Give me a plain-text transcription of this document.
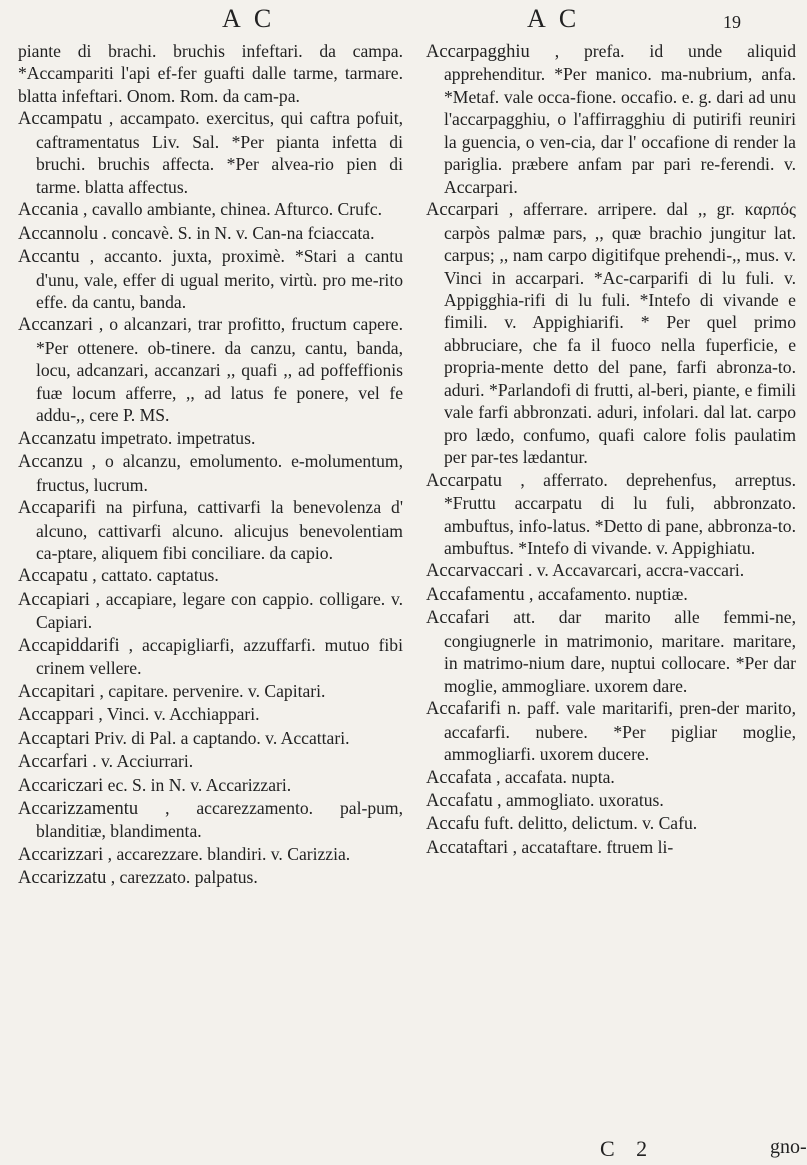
A C	A C	19

piante di brachi. bruchis infeftari. da campa. *Accampariti l'api ef-fer guafti dalle tarme, tarmare. blatta infeftari. Onom. Rom. da cam-pa.

Accampatu , accampato. exercitus, qui caftra pofuit, caftramentatus Liv. Sal. *Per pianta infetta di bruchi. bruchis affecta. *Per alvea-rio pien di tarme. blatta affectus.

Accania , cavallo ambiante, chinea. Afturco. Crufc.

Accannolu . concavè. S. in N. v. Can-na fciaccata.

Accantu , accanto. juxta, proximè. *Stari a cantu d'unu, vale, effer di ugual merito, virtù. pro me-rito effe. da cantu, banda.

Accanzari , o alcanzari, trar profitto, fructum capere. *Per ottenere. ob-tinere. da canzu, cantu, banda, locu, adcanzari, accanzari ,, quafi ,, ad poffeffionis fuæ locum afferre, ,, ad latus fe ponere, vel fe addu-,, cere P. MS.

Accanzatu impetrato. impetratus.

Accanzu , o alcanzu, emolumento. e-molumentum, fructus, lucrum.

Accaparifi na pirfuna, cattivarfi la benevolenza d' alcuno, cattivarfi alcuno. alicujus benevolentiam ca-ptare, aliquem fibi conciliare. da capio.

Accapatu , cattato. captatus.

Accapiari , accapiare, legare con cappio. colligare. v. Capiari.

Accapiddarifi , accapigliarfi, azzuffarfi. mutuo fibi crinem vellere.

Accapitari , capitare. pervenire. v. Capitari.

Accappari , Vinci. v. Acchiappari.

Accaptari Priv. di Pal. a captando. v. Accattari.

Accarfari . v. Acciurrari.

Accariczari ec. S. in N. v. Accarizzari.

Accarizzamentu , accarezzamento. pal-pum, blanditiæ, blandimenta.

Accarizzari , accarezzare. blandiri. v. Carizzia.

Accarizzatu , carezzato. palpatus.

Accarpagghiu , prefa. id unde aliquid apprehenditur. *Per manico. ma-nubrium, anfa. *Metaf. vale occa-fione. occafio. e. g. dari ad unu l'accarpagghiu, o l'affirragghiu di putirifi reuniri la guencia, o ven-cia, dar l' occafione di render la pariglia. præbere anfam par pari re-ferendi. v. Accarpari.

Accarpari , afferrare. arripere. dal ,, gr. καρπός carpòs palmæ pars, ,, quæ brachio jungitur lat. carpus; ,, nam carpo digitifque prehendi-,, mus. v. Vinci in accarpari. *Ac-carparifi di lu fuli. v. Appigghia-rifi di lu fuli. *Intefo di vivande e fimili. v. Appighiarifi. * Per quel primo abbruciare, che fa il fuoco nella fuperficie, e propria-mente detto del pane, farfi abronza-to. aduri. *Parlandofi di frutti, al-beri, piante, e fimili vale farfi abbronzati. aduri, infolari. dal lat. carpo pro lædo, confumo, quafi calore folis paulatim per par-tes lædantur.

Accarpatu , afferrato. deprehenfus, arreptus. *Fruttu accarpatu di lu fuli, abbronzato. ambuftus, info-latus. *Detto di pane, abbronza-to. ambuftus. *Intefo di vivande. v. Appighiatu.

Accarvaccari . v. Accavarcari, accra-vaccari.

Accafamentu , accafamento. nuptiæ.

Accafari att. dar marito alle femmi-ne, congiugnerle in matrimonio, maritare. maritare, in matrimo-nium dare, nuptui collocare. *Per dar moglie, ammogliare. uxorem dare.

Accafarifi n. paff. vale maritarifi, pren-der marito, accafarfi. nubere. *Per pigliar moglie, ammogliarfi. uxorem ducere.

Accafata , accafata. nupta.

Accafatu , ammogliato. uxoratus.

Accafu fuft. delitto, delictum. v. Cafu.

Accataftari , accataftare. ftruem li-

C 2	gno-
